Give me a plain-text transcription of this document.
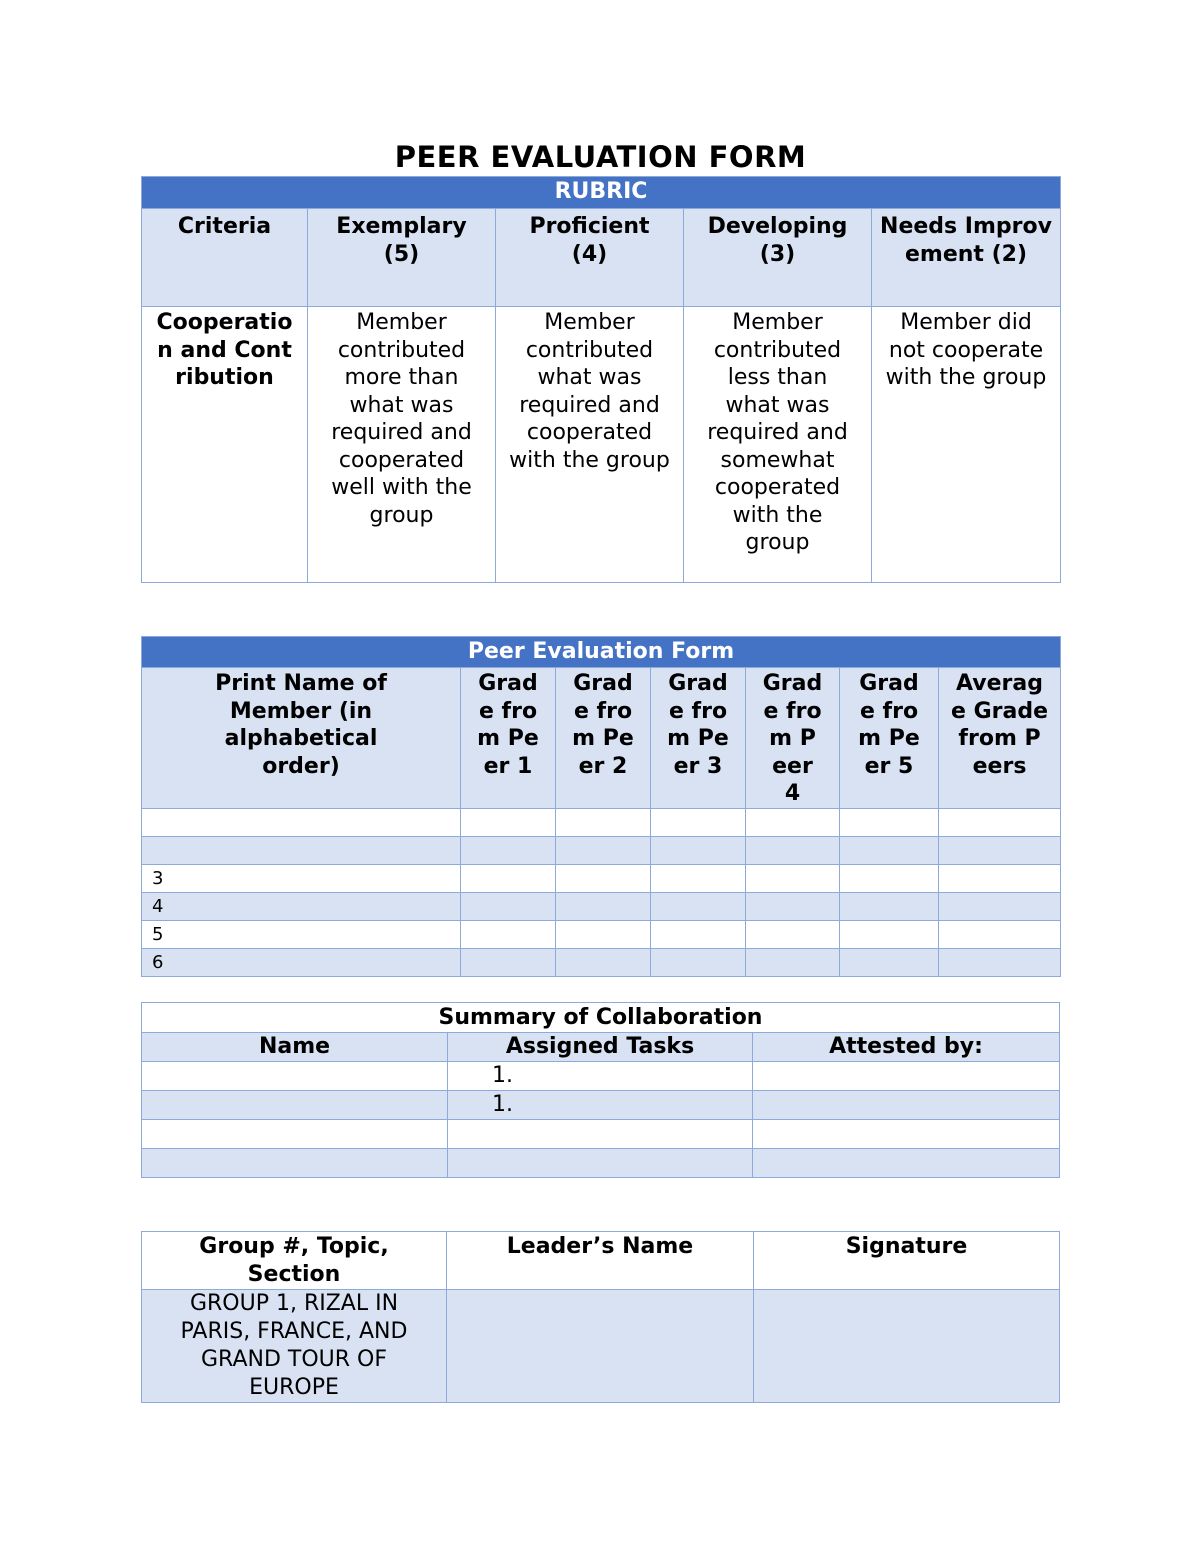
PEER EVALUATION FORM
RUBRIC				
Criteria	Exemplary (5)	Proficient (4)	Developing (3)	Needs Improvement (2)
Cooperation and Contribution	Member contributed more than what was required and cooperated well with the group	Member contributed what was required and cooperated with the group	Member contributed less than what was required and somewhat cooperated with the group	Member did not cooperate with the group
Peer Evaluation Form						
Print Name of Member (in alphabetical order)	Grade from Peer 1	Grade from Peer 2	Grade from Peer 3	Grade from Peer 4	Grade from Peer 5	Average Grade from Peers

3						
4						
5						
6						
Summary of Collaboration		
Name	Assigned Tasks	Attested by:
	1.	
	1.	

Group #, Topic, Section	Leader’s Name	Signature
GROUP 1, RIZAL IN PARIS, FRANCE, AND GRAND TOUR OF EUROPE		
